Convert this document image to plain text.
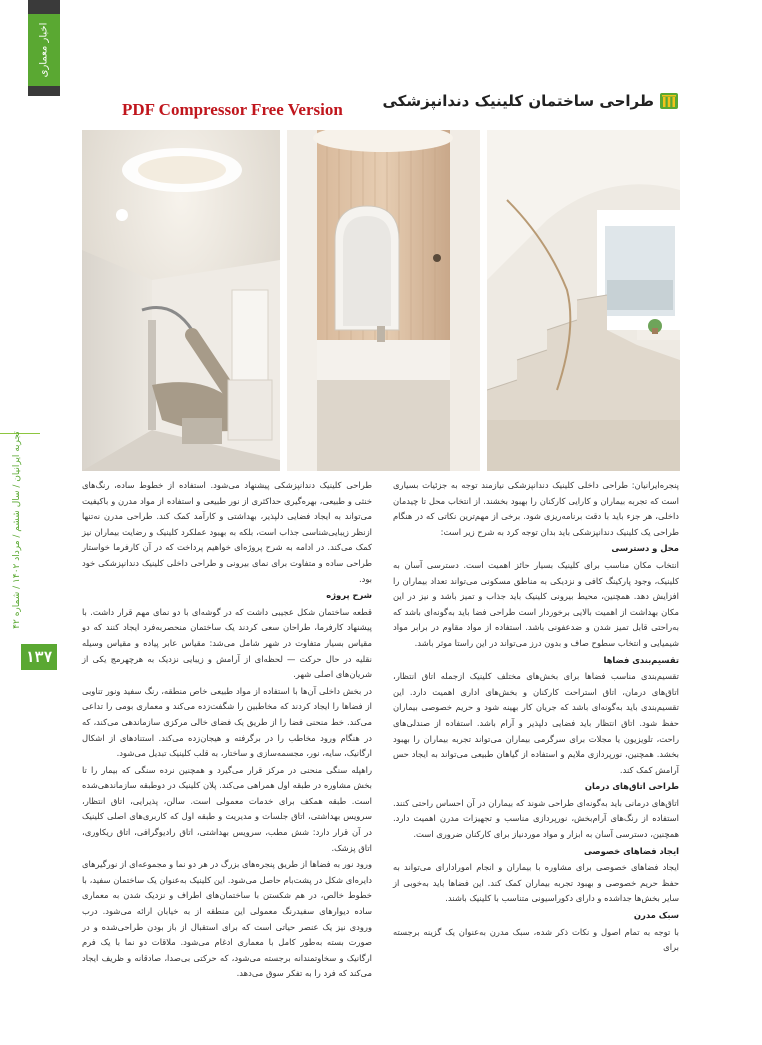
اخبار معماری
PDF Compressor Free Version	طراحی ساختمان کلینیک دندانپزشکی
تجربه ایرانیان / سال ششم / مرداد ۱۴۰۲ / شماره ۴۲
۱۳۷

پنجره‌ایرانیان: طراحی داخلی کلینیک دندانپزشکی نیازمند توجه به جزئیات بسیاری است که تجربه بیماران و کارایی کارکنان را بهبود بخشند. از انتخاب محل تا چیدمان داخلی، هر جزء باید با دقت برنامه‌ریزی شود. برخی از مهم‌ترین نکاتی که در هنگام طراحی یک کلینیک دندانپزشکی باید بدان توجه کرد به شرح زیر است:

محل و دسترسی

انتخاب مکان مناسب برای کلینیک بسیار حائز اهمیت است. دسترسی آسان به کلینیک، وجود پارکینگ کافی و نزدیکی به مناطق مسکونی می‌تواند تعداد بیماران را افزایش دهد. همچنین، محیط بیرونی کلینیک باید جذاب و تمیز باشد و نیز در این مکان بهداشت از اهمیت بالایی برخوردار است طراحی فضا باید به‌گونه‌ای باشد که به‌راحتی قابل تمیز شدن و ضدعفونی باشد. استفاده از مواد مقاوم در برابر مواد شیمیایی و انتخاب سطوح صاف و بدون درز می‌تواند در این راستا موثر باشد.

تقسیم‌بندی فضاها

تقسیم‌بندی مناسب فضاها برای بخش‌های مختلف کلینیک ازجمله اتاق انتظار، اتاق‌های درمان، اتاق استراحت کارکنان و بخش‌های اداری اهمیت دارد. این تقسیم‌بندی باید به‌گونه‌ای باشد که جریان کار بهینه شود و حریم خصوصی بیماران حفظ شود. اتاق انتظار باید فضایی دلپذیر و آرام باشد. استفاده از صندلی‌های راحت، تلویزیون یا مجلات برای سرگرمی بیماران می‌تواند تجربه بیماران را بهبود بخشد. همچنین، نورپردازی ملایم و استفاده از گیاهان طبیعی می‌تواند به ایجاد حس آرامش کمک کند.

طراحی اتاق‌های درمان

اتاق‌های درمانی باید به‌گونه‌ای طراحی شوند که بیماران در آن احساس راحتی کنند. استفاده از رنگ‌های آرام‌بخش، نورپردازی مناسب و تجهیزات مدرن اهمیت دارد. همچنین، دسترسی آسان به ابزار و مواد موردنیاز برای کارکنان ضروری است.

ایجاد فضاهای خصوصی

ایجاد فضاهای خصوصی برای مشاوره با بیماران و انجام امورادارای می‌تواند به حفظ حریم خصوصی و بهبود تجربه بیماران کمک کند. این فضاها باید به‌خوبی از سایر بخش‌ها جداشده و دارای دکوراسیونی متناسب با کلینیک باشند.

سبک مدرن

با توجه به تمام اصول و نکات ذکر شده، سبک مدرن به‌عنوان یک گزینه برجسته برای

طراحی کلینیک دندانپزشکی پیشنهاد می‌شود. استفاده از خطوط ساده، رنگ‌های خنثی و طبیعی، بهره‌گیری حداکثری از نور طبیعی و استفاده از مواد مدرن و باکیفیت می‌تواند به ایجاد فضایی دلپذیر، بهداشتی و کارآمد کمک کند. طراحی مدرن نه‌تنها ازنظر زیبایی‌شناسی جذاب است، بلکه به بهبود عملکرد کلینیک و رضایت بیماران نیز کمک می‌کند. در ادامه به شرح پروژه‌ای خواهیم پرداخت که در آن کارفرما خواستار طراحی ساده و متفاوت برای نمای بیرونی و طراحی داخلی کلینیک دندانپزشکی خود بود.

شرح پروژه

قطعه ساختمان شکل عجیبی داشت که در گوشه‌ای با دو نمای مهم قرار داشت. با پیشنهاد کارفرما، طراحان سعی کردند یک ساختمان منحصربه‌فرد ایجاد کنند که دو مقیاس بسیار متفاوت در شهر شامل می‌شد: مقیاس عابر پیاده و مقیاس وسیله نقلیه در حال حرکت — لحظه‌ای از آرامش و زیبایی نزدیک به هرچهرمج یکی از شریان‌های اصلی شهر.

در بخش داخلی آن‌ها با استفاده از مواد طبیعی خاص منطقه، رنگ سفید ونور تناوبی از فضاها را ایجاد کردند که مخاطبین را شگفت‌زده می‌کند و معماری بومی را تداعی می‌کند. خط منحنی فضا را از طریق یک فضای خالی مرکزی سازماندهی می‌کند، که در هنگام ورود مخاطب را در برگرفته و هیجان‌زده می‌کند. استنادهای از اشکال ارگانیک، سایه، نور، مجسمه‌سازی و ساختار، به قلب کلینیک تبدیل می‌شود.

راهپله سنگی منحنی در مرکز قرار می‌گیرد و همچنین نرده سنگی که بیمار را تا بخش مشاوره در طبقه اول همراهی می‌کند. پلان کلینیک در دوطبقه سازماندهی‌شده است. طبقه همکف برای خدمات معمولی است. سالن، پذیرایی، اتاق انتظار، سرویس بهداشتی، اتاق جلسات و مدیریت و طبقه اول که کاربری‌های اصلی کلینیک در آن قرار دارد: شش مطب، سرویس بهداشتی، اتاق رادیوگرافی، اتاق ریکاوری، اتاق پزشک.

ورود نور به فضاها از طریق پنجره‌های بزرگ در هر دو نما و مجموعه‌ای از نورگیرهای دایره‌ای شکل در پشت‌بام حاصل می‌شود. این کلینیک به‌عنوان یک ساختمان سفید، با خطوط خالص، در هم شکستن با ساختمان‌های اطراف و نزدیک شدن به معماری ساده دیوارهای سفیدرنگ معمولی این منطقه از به خیابان ارائه می‌شود. درب ورودی نیز یک عنصر حیاتی است که برای استقبال از باز بودن طراحی‌شده و در صورت بسته به‌طور کامل با معماری ادغام می‌شود. ملاقات دو نما با یک فرم ارگانیک و سخاوتمندانه برجسته می‌شود، که حرکتی بی‌صدا، صادقانه و ظریف ایجاد می‌کند که فرد را به تفکر سوق می‌دهد.
